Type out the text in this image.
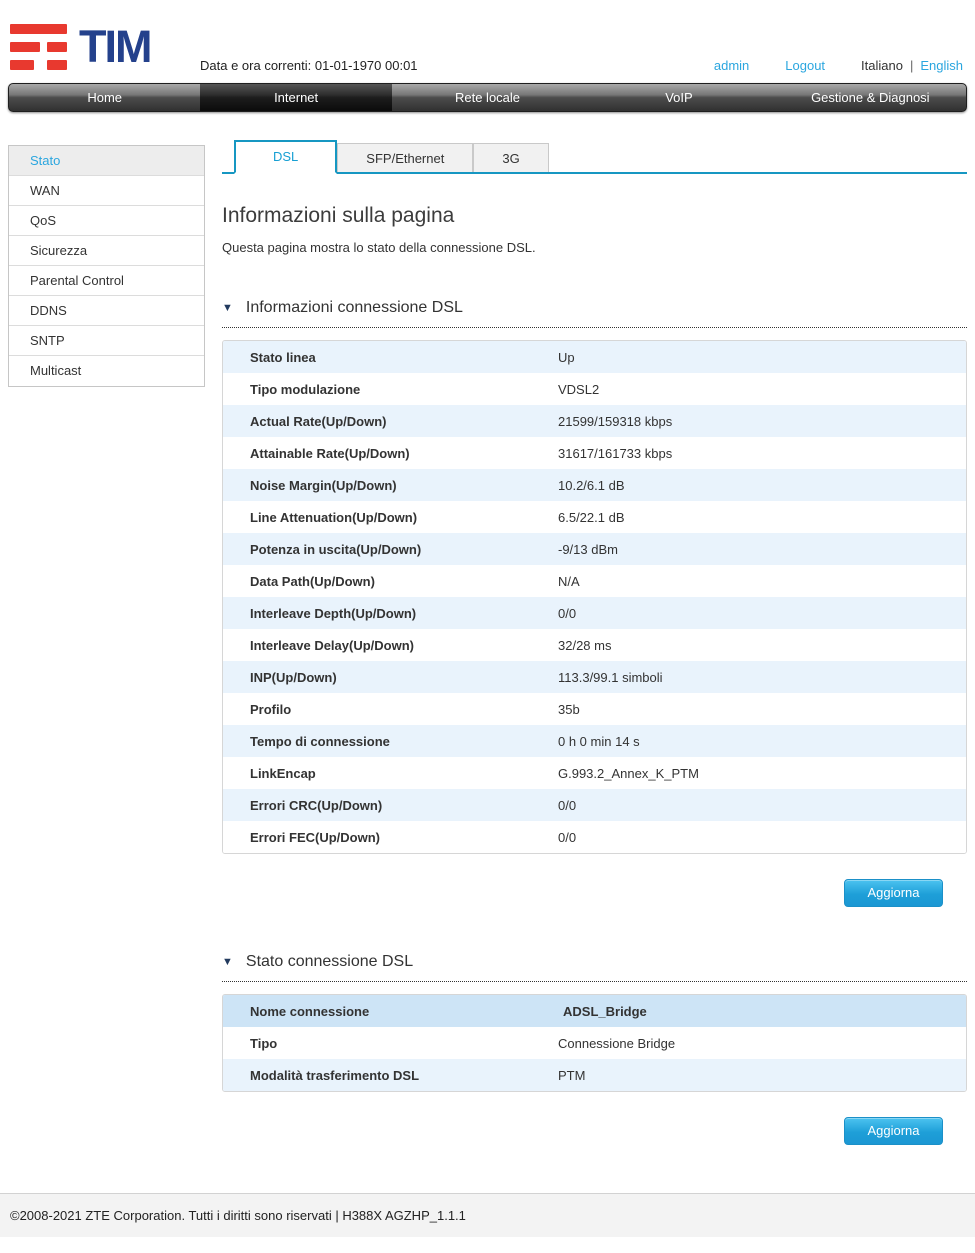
TIM	Data e ora correnti: 01-01-1970 00:01	admin	Logout	Italiano | English
Home	Internet	Rete locale	VoIP	Gestione & Diagnosi
Stato
WAN
QoS
Sicurezza
Parental Control
DDNS
SNTP
Multicast
DSL	SFP/Ethernet	3G
Informazioni sulla pagina
Questa pagina mostra lo stato della connessione DSL.
▼ Informazioni connessione DSL
Stato linea	Up
Tipo modulazione	VDSL2
Actual Rate(Up/Down)	21599/159318 kbps
Attainable Rate(Up/Down)	31617/161733 kbps
Noise Margin(Up/Down)	10.2/6.1 dB
Line Attenuation(Up/Down)	6.5/22.1 dB
Potenza in uscita(Up/Down)	-9/13 dBm
Data Path(Up/Down)	N/A
Interleave Depth(Up/Down)	0/0
Interleave Delay(Up/Down)	32/28 ms
INP(Up/Down)	113.3/99.1 simboli
Profilo	35b
Tempo di connessione	0 h 0 min 14 s
LinkEncap	G.993.2_Annex_K_PTM
Errori CRC(Up/Down)	0/0
Errori FEC(Up/Down)	0/0
Aggiorna
▼ Stato connessione DSL
Nome connessione	ADSL_Bridge
Tipo	Connessione Bridge
Modalità trasferimento DSL	PTM
Aggiorna
©2008-2021 ZTE Corporation. Tutti i diritti sono riservati | H388X AGZHP_1.1.1
